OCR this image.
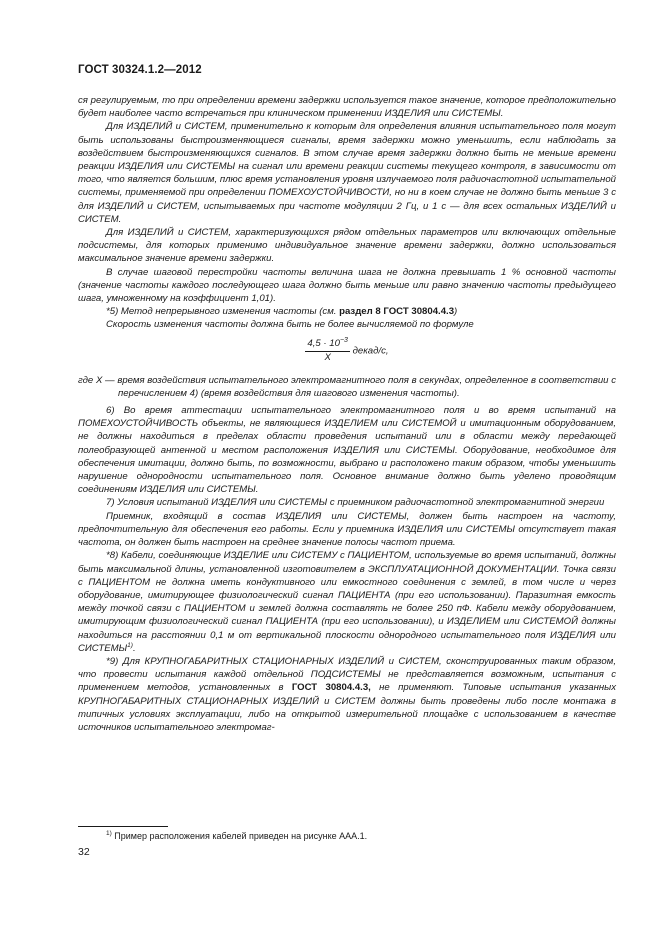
ГОСТ 30324.1.2—2012

ся регулируемым, то при определении времени задержки используется такое значение, которое предположительно будет наиболее часто встречаться при клиническом применении ИЗДЕЛИЯ или СИСТЕМЫ.

Для ИЗДЕЛИЙ и СИСТЕМ, применительно к которым для определения влияния испытательного поля могут быть использованы быстроизменяющиеся сигналы, время задержки можно уменьшить, если наблюдать за воздействием быстроизменяющихся сигналов. В этом случае время задержки должно быть не меньше времени реакции ИЗДЕЛИЯ или СИСТЕМЫ на сигнал или времени реакции системы текущего контроля, в зависимости от того, что является большим, плюс время установления уровня излучаемого поля радиочастотной испытательной системы, применяемой при определении ПОМЕХОУСТОЙЧИВОСТИ, но ни в коем случае не должно быть меньше 3 с для ИЗДЕЛИЙ и СИСТЕМ, испытываемых при частоте модуляции 2 Гц, и 1 с — для всех остальных ИЗДЕЛИЙ и СИСТЕМ.

Для ИЗДЕЛИЙ и СИСТЕМ, характеризующихся рядом отдельных параметров или включающих отдельные подсистемы, для которых применимо индивидуальное значение времени задержки, должно использоваться максимальное значение времени задержки.

В случае шаговой перестройки частоты величина шага не должна превышать 1 % основной частоты (значение частоты каждого последующего шага должно быть меньше или равно значению частоты предыдущего шага, умноженному на коэффициент 1,01).

*5) Метод непрерывного изменения частоты (см. раздел 8 ГОСТ 30804.4.3)

Скорость изменения частоты должна быть не более вычисляемой по формуле

$\frac{4,5 \cdot 10^{-3}}{X}$ декад/с,

где X — время воздействия испытательного электромагнитного поля в секундах, определенное в соответствии с перечислением 4) (время воздействия для шагового изменения частоты).

6) Во время аттестации испытательного электромагнитного поля и во время испытаний на ПОМЕХОУСТОЙЧИВОСТЬ объекты, не являющиеся ИЗДЕЛИЕМ или СИСТЕМОЙ и имитационным оборудованием, не должны находиться в пределах области проведения испытаний или в области между передающей полеобразующей антенной и местом расположения ИЗДЕЛИЯ или СИСТЕМЫ. Оборудование, необходимое для обеспечения имитации, должно быть, по возможности, выбрано и расположено таким образом, чтобы уменьшить нарушение однородности испытательного поля. Основное внимание должно быть уделено проводящим соединениям ИЗДЕЛИЯ или СИСТЕМЫ.

7) Условия испытаний ИЗДЕЛИЯ или СИСТЕМЫ с приемником радиочастотной электромагнитной энергии

Приемник, входящий в состав ИЗДЕЛИЯ или СИСТЕМЫ, должен быть настроен на частоту, предпочтительную для обеспечения его работы. Если у приемника ИЗДЕЛИЯ или СИСТЕМЫ отсутствует такая частота, он должен быть настроен на среднее значение полосы частот приема.

*8) Кабели, соединяющие ИЗДЕЛИЕ или СИСТЕМУ с ПАЦИЕНТОМ, используемые во время испытаний, должны быть максимальной длины, установленной изготовителем в ЭКСПЛУАТАЦИОННОЙ ДОКУМЕНТАЦИИ. Точка связи с ПАЦИЕНТОМ не должна иметь кондуктивного или емкостного соединения с землей, в том числе и через оборудование, имитирующее физиологический сигнал ПАЦИЕНТА (при его использовании). Паразитная емкость между точкой связи с ПАЦИЕНТОМ и землей должна составлять не более 250 пФ. Кабели между оборудованием, имитирующим физиологический сигнал ПАЦИЕНТА (при его использовании), и ИЗДЕЛИЕМ или СИСТЕМОЙ должны находиться на расстоянии 0,1 м от вертикальной плоскости однородного испытательного поля ИЗДЕЛИЯ или СИСТЕМЫ$^{1)}$.

*9) Для КРУПНОГАБАРИТНЫХ СТАЦИОНАРНЫХ ИЗДЕЛИЙ и СИСТЕМ, сконструированных таким образом, что провести испытания каждой отдельной ПОДСИСТЕМЫ не представляется возможным, испытания с применением методов, установленных в ГОСТ 30804.4.3, не применяют. Типовые испытания указанных КРУПНОГАБАРИТНЫХ СТАЦИОНАРНЫХ ИЗДЕЛИЙ и СИСТЕМ должны быть проведены либо после монтажа в типичных условиях эксплуатации, либо на открытой измерительной площадке с использованием в качестве источников испытательного электромаг-

$^{1)}$ Пример расположения кабелей приведен на рисунке ААА.1.
32
